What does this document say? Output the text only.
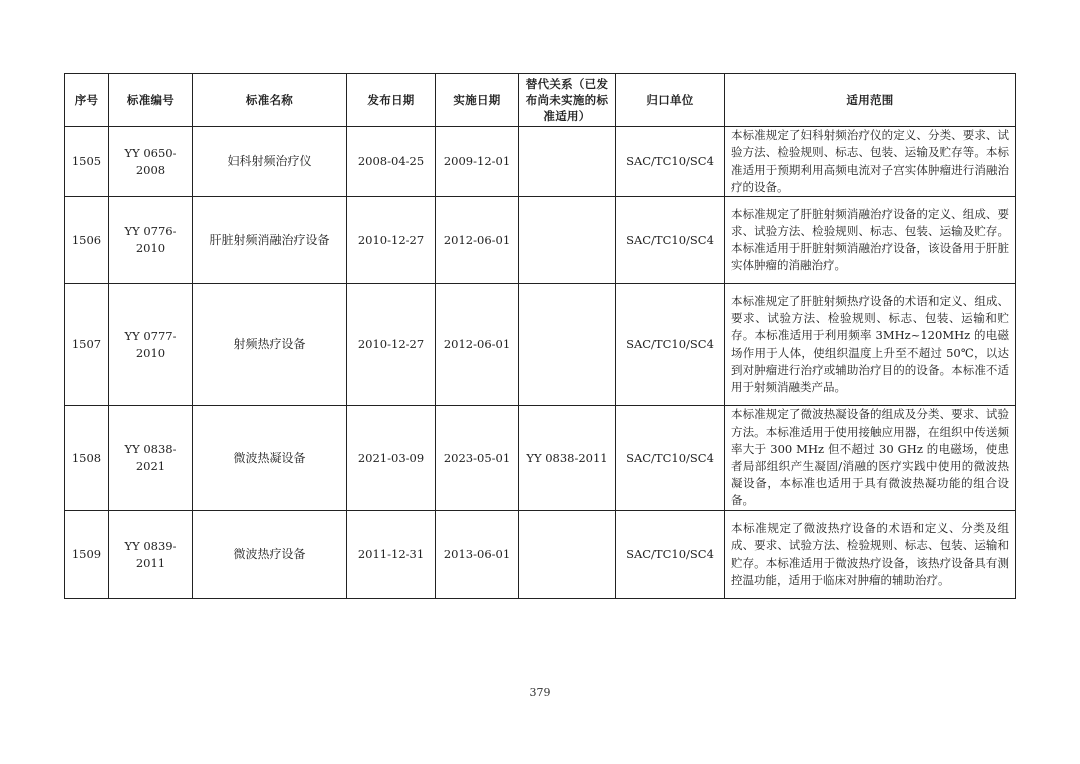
序号	标准编号	标准名称	发布日期	实施日期	替代关系（已发布尚未实施的标准适用）	归口单位	适用范围
1505	YY 0650-2008	妇科射频治疗仪	2008-04-25	2009-12-01		SAC/TC10/SC4	本标准规定了妇科射频治疗仪的定义、分类、要求、试验方法、检验规则、标志、包装、运输及贮存等。本标准适用于预期利用高频电流对子宫实体肿瘤进行消融治疗的设备。
1506	YY 0776-2010	肝脏射频消融治疗设备	2010-12-27	2012-06-01		SAC/TC10/SC4	本标准规定了肝脏射频消融治疗设备的定义、组成、要求、试验方法、检验规则、标志、包装、运输及贮存。本标准适用于肝脏射频消融治疗设备，该设备用于肝脏实体肿瘤的消融治疗。
1507	YY 0777-2010	射频热疗设备	2010-12-27	2012-06-01		SAC/TC10/SC4	本标准规定了肝脏射频热疗设备的术语和定义、组成、要求、试验方法、检验规则、标志、包装、运输和贮存。本标准适用于利用频率 3MHz~120MHz 的电磁场作用于人体，使组织温度上升至不超过 50℃，以达到对肿瘤进行治疗或辅助治疗目的的设备。本标准不适用于射频消融类产品。
1508	YY 0838-2021	微波热凝设备	2021-03-09	2023-05-01	YY 0838-2011	SAC/TC10/SC4	本标准规定了微波热凝设备的组成及分类、要求、试验方法。本标准适用于使用接触应用器，在组织中传送频率大于 300 MHz 但不超过 30 GHz 的电磁场，使患者局部组织产生凝固/消融的医疗实践中使用的微波热凝设备，本标准也适用于具有微波热凝功能的组合设备。
1509	YY 0839-2011	微波热疗设备	2011-12-31	2013-06-01		SAC/TC10/SC4	本标准规定了微波热疗设备的术语和定义、分类及组成、要求、试验方法、检验规则、标志、包装、运输和贮存。本标准适用于微波热疗设备，该热疗设备具有测控温功能，适用于临床对肿瘤的辅助治疗。
379
